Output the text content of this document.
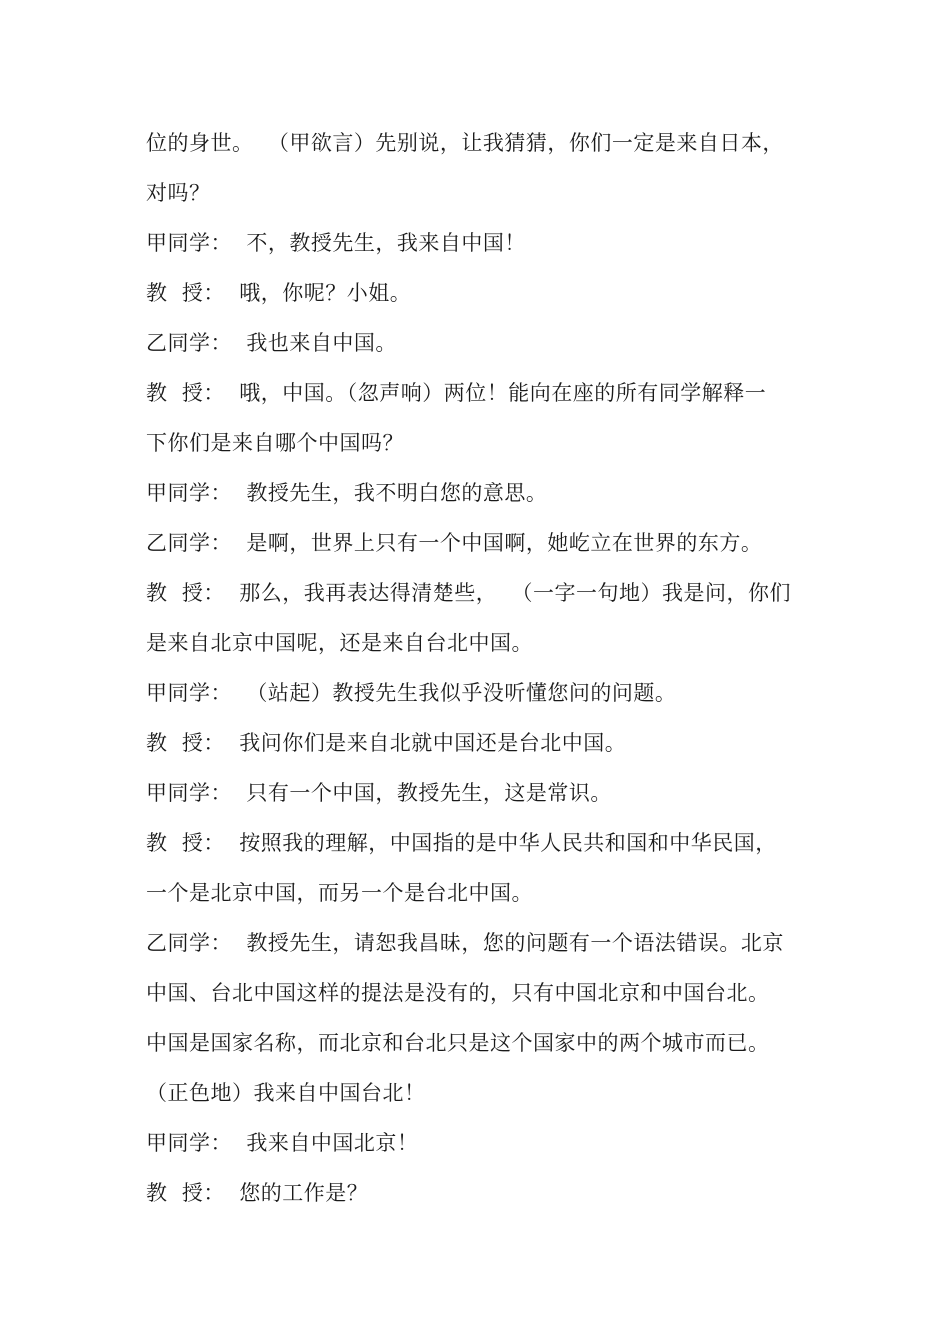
位的身世。  （甲欲言）先别说，让我猜猜，你们一定是来自日本，
对吗？
甲同学：  不，教授先生，我来自中国！
教  授：  哦，你呢？小姐。
乙同学：  我也来自中国。
教  授：  哦，中国。（忽声响）两位！能向在座的所有同学解释一
下你们是来自哪个中国吗？
甲同学：  教授先生，我不明白您的意思。
乙同学：  是啊，世界上只有一个中国啊，她屹立在世界的东方。
教  授：  那么，我再表达得清楚些，  （一字一句地）我是问，你们
是来自北京中国呢，还是来自台北中国。
甲同学：  （站起）教授先生我似乎没听懂您问的问题。
教  授：  我问你们是来自北就中国还是台北中国。
甲同学：  只有一个中国，教授先生，这是常识。
教  授：  按照我的理解，中国指的是中华人民共和国和中华民国，
一个是北京中国，而另一个是台北中国。
乙同学：  教授先生，请恕我昌昧，您的问题有一个语法错误。北京
中国、台北中国这样的提法是没有的，只有中国北京和中国台北。
中国是国家名称，而北京和台北只是这个国家中的两个城市而已。
（正色地）我来自中国台北！
甲同学：  我来自中国北京！
教  授：  您的工作是？
